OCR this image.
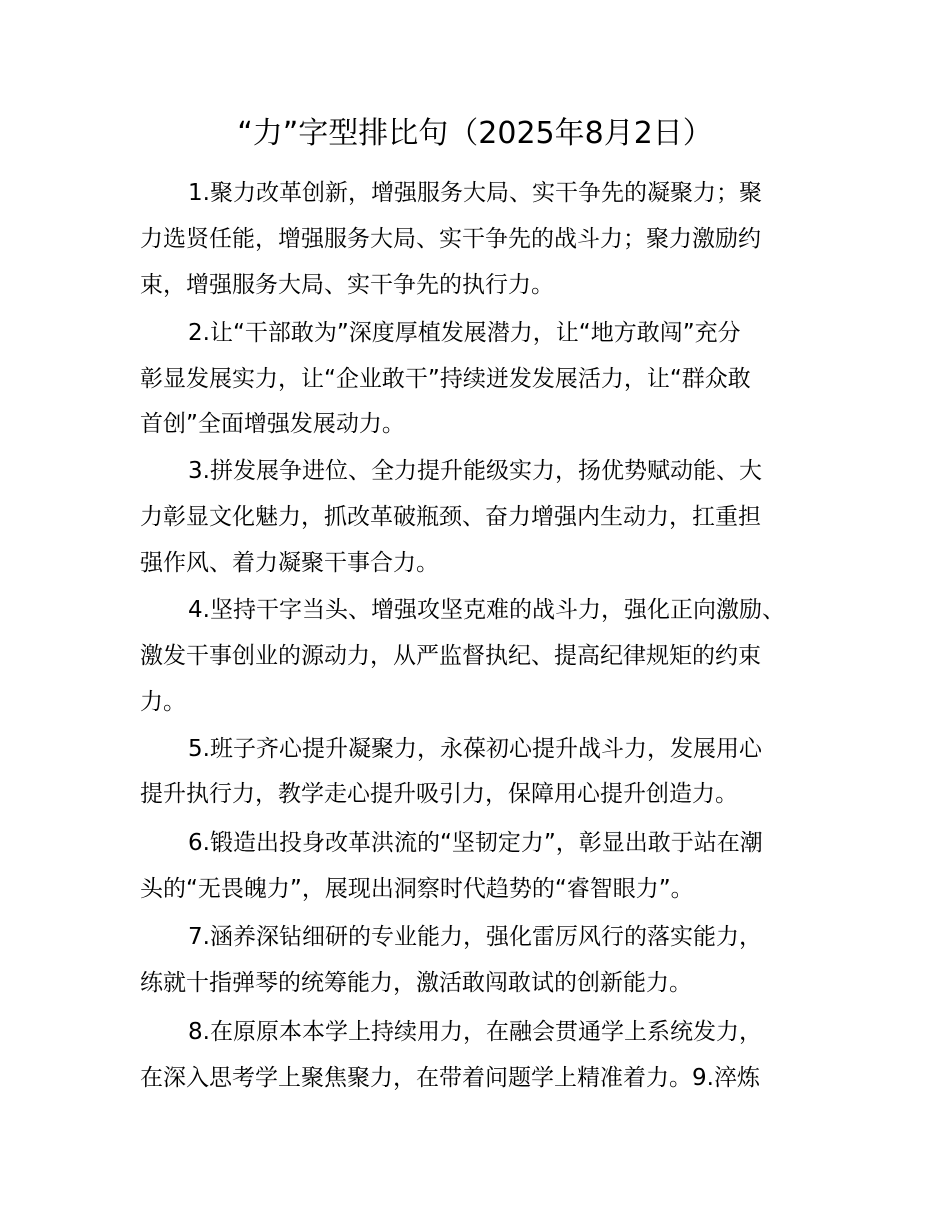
“力”字型排比句（2025年8月2日）
1.聚力改革创新，增强服务大局、实干争先的凝聚力；聚
力选贤任能，增强服务大局、实干争先的战斗力；聚力激励约
束，增强服务大局、实干争先的执行力。
2.让“干部敢为”深度厚植发展潜力，让“地方敢闯”充分
彰显发展实力，让“企业敢干”持续迸发发展活力，让“群众敢
首创”全面增强发展动力。
3.拼发展争进位、全力提升能级实力，扬优势赋动能、大
力彰显文化魅力，抓改革破瓶颈、奋力增强内生动力，扛重担
强作风、着力凝聚干事合力。
4.坚持干字当头、增强攻坚克难的战斗力，强化正向激励、
激发干事创业的源动力，从严监督执纪、提高纪律规矩的约束
力。
5.班子齐心提升凝聚力，永葆初心提升战斗力，发展用心
提升执行力，教学走心提升吸引力，保障用心提升创造力。
6.锻造出投身改革洪流的“坚韧定力”，彰显出敢于站在潮
头的“无畏魄力”，展现出洞察时代趋势的“睿智眼力”。
7.涵养深钻细研的专业能力，强化雷厉风行的落实能力，
练就十指弹琴的统筹能力，激活敢闯敢试的创新能力。
8.在原原本本学上持续用力，在融会贯通学上系统发力，
在深入思考学上聚焦聚力，在带着问题学上精准着力。9.淬炼
